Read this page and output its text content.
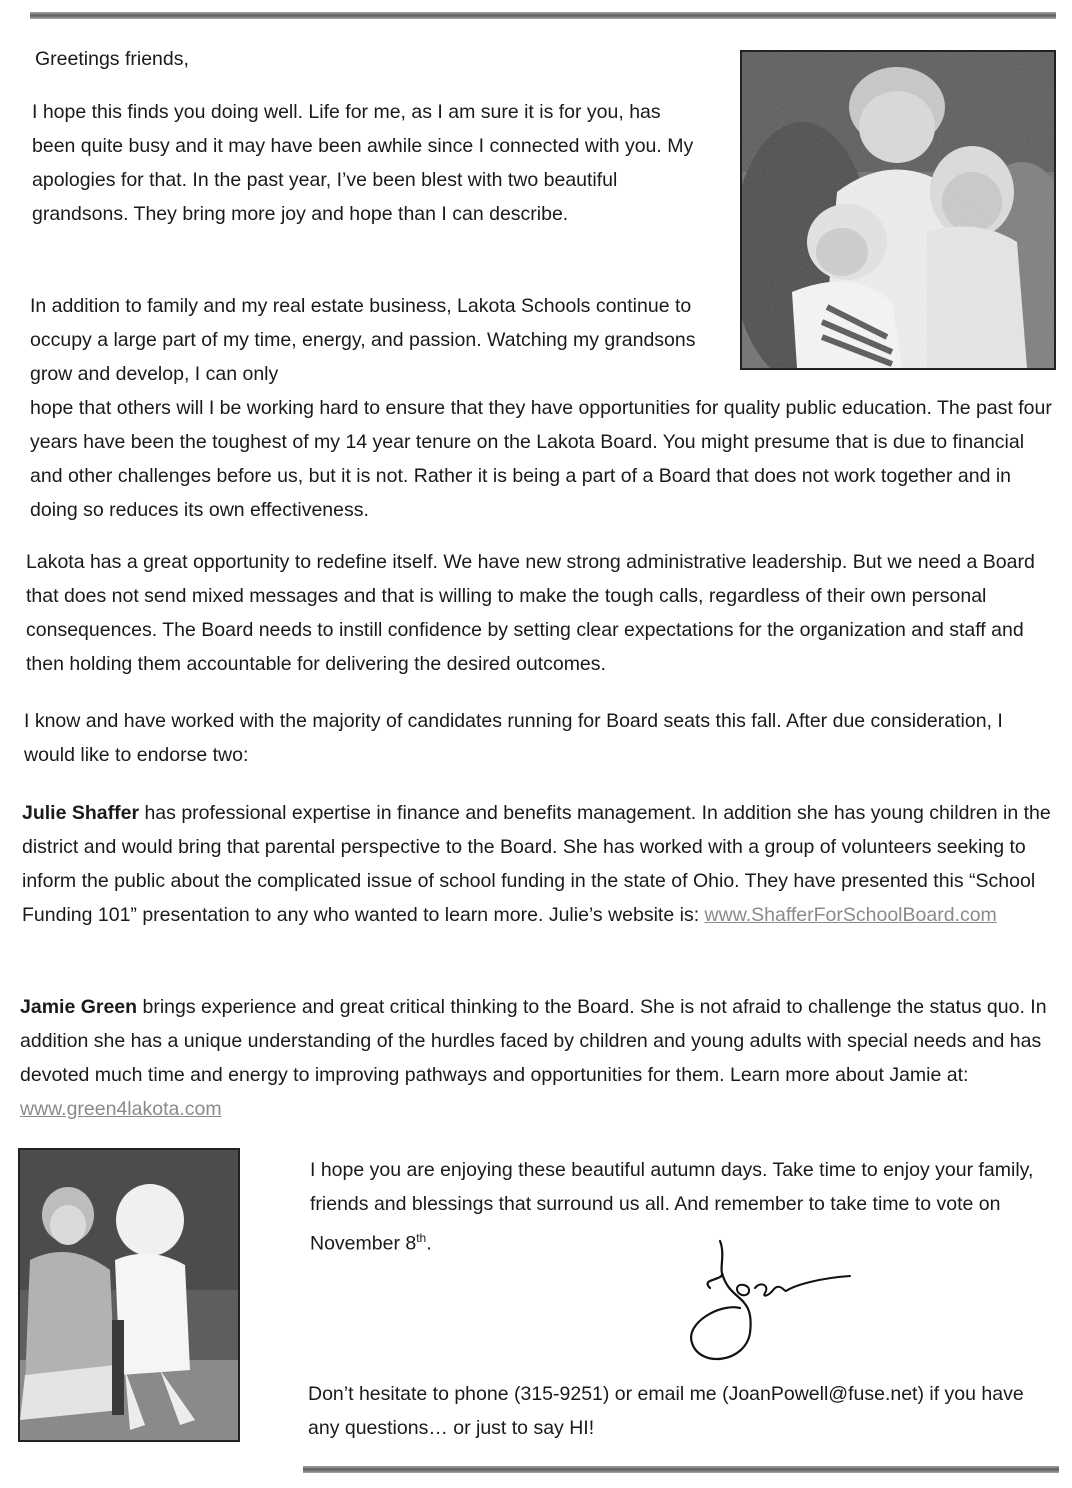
Greetings friends,

I hope this finds you doing well. Life for me, as I am sure it is for you, has been quite busy and it may have been awhile since I connected with you. My apologies for that. In the past year, I’ve been blest with two beautiful grandsons. They bring more joy and hope than I can describe.

In addition to family and my real estate business, Lakota Schools continue to occupy a large part of my time, energy, and passion. Watching my grandsons grow and develop, I can only

hope that others will I be working hard to ensure that they have opportunities for quality public education. The past four years have been the toughest of my 14 year tenure on the Lakota Board. You might presume that is due to financial and other challenges before us, but it is not. Rather it is being a part of a Board that does not work together and in doing so reduces its own effectiveness.

Lakota has a great opportunity to redefine itself. We have new strong administrative leadership. But we need a Board that does not send mixed messages and that is willing to make the tough calls, regardless of their own personal consequences. The Board needs to instill confidence by setting clear expectations for the organization and staff and then holding them accountable for delivering the desired outcomes.

I know and have worked with the majority of candidates running for Board seats this fall. After due consideration, I would like to endorse two:

Julie Shaffer has professional expertise in finance and benefits management. In addition she has young children in the district and would bring that parental perspective to the Board. She has worked with a group of volunteers seeking to inform the public about the complicated issue of school funding in the state of Ohio. They have presented this “School Funding 101” presentation to any who wanted to learn more. Julie’s website is: www.ShafferForSchoolBoard.com

Jamie Green brings experience and great critical thinking to the Board. She is not afraid to challenge the status quo. In addition she has a unique understanding of the hurdles faced by children and young adults with special needs and has devoted much time and energy to improving pathways and opportunities for them. Learn more about Jamie at: www.green4lakota.com

I hope you are enjoying these beautiful autumn days. Take time to enjoy your family, friends and blessings that surround us all. And remember to take time to vote on November 8th.

Don’t hesitate to phone (315-9251) or email me (JoanPowell@fuse.net) if you have any questions… or just to say HI!
